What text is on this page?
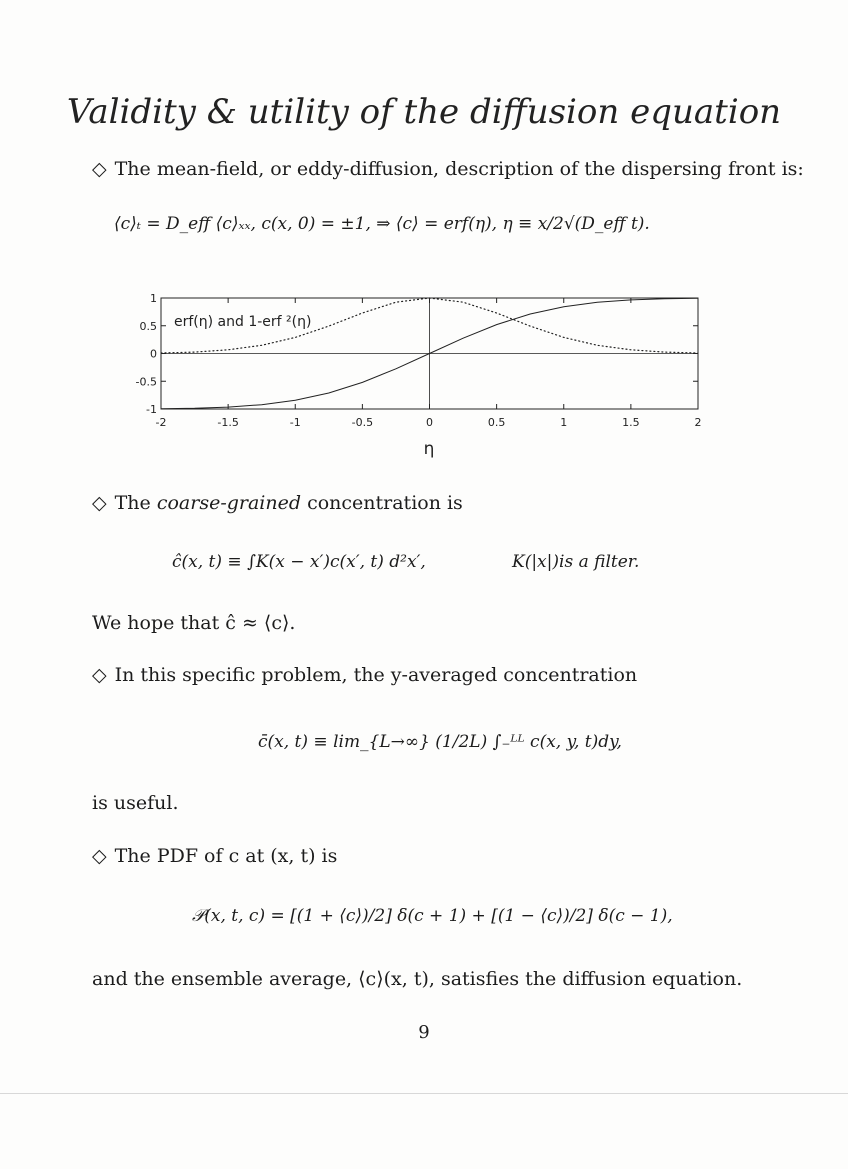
Validity & utility of the diffusion equation
◇ The mean-field, or eddy-diffusion, description of the dispersing front is:
⟨c⟩ₜ = D_eff ⟨c⟩ₓₓ, c(x, 0) = ±1, ⇒ ⟨c⟩ = erf(η), η ≡ x/2√(D_eff t).
-2	-1.5	-1	-0.5	0	0.5	1	1.5	2
1
0.5
0
-0.5
-1
erf(η) and 1-erf ²(η)
η
◇ The coarse-grained concentration is
ĉ(x, t) ≡ ∫K(x − x′)c(x′, t) d²x′,	K(|x|)is a filter.
We hope that ĉ ≈ ⟨c⟩.
◇ In this specific problem, the y-averaged concentration
c̄(x, t) ≡ lim_{L→∞} (1/2L) ∫₋ᴸᴸ c(x, y, t)dy,
is useful.
◇ The PDF of c at (x, t) is
𝒫(x, t, c) = [(1 + ⟨c⟩)/2] δ(c + 1) + [(1 − ⟨c⟩)/2] δ(c − 1),
and the ensemble average, ⟨c⟩(x, t), satisfies the diffusion equation.
9
